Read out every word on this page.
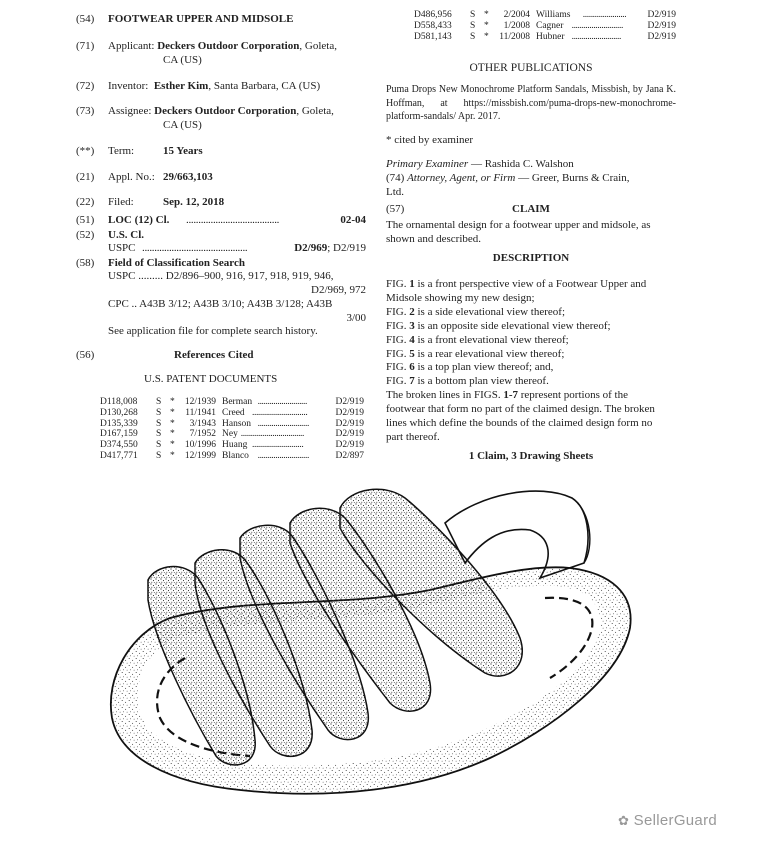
(54) FOOTWEAR UPPER AND MIDSOLE
(71) Applicant: Deckers Outdoor Corporation, Goleta,
CA (US)
(72) Inventor: Esther Kim, Santa Barbara, CA (US)
(73) Assignee: Deckers Outdoor Corporation, Goleta,
CA (US)
(**) Term:	15 Years
(21) Appl. No.: 29/663,103
(22) Filed:	Sep. 12, 2018
(51) LOC (12) Cl. ......................................	02-04
(52) U.S. Cl.
USPC ...........................................	D2/969; D2/919
(58) Field of Classification Search
USPC ......... D2/896–900, 916, 917, 918, 919, 946,
D2/969, 972
CPC .. A43B 3/12; A43B 3/10; A43B 3/128; A43B
3/00
See application file for complete search history.
(56)	References Cited
U.S. PATENT DOCUMENTS
D118,008 S *	12/1939 Berman .........................	D2/919
D130,268 S *	11/1941 Creed ............................	D2/919
D135,339 S *	3/1943 Hanson ..........................	D2/919
D167,159 S *	7/1952 Ney ................................	D2/919
D374,550 S *	10/1996 Huang ..........................	D2/919
D417,771 S *	12/1999 Blanco ..........................	D2/897
D486,956 S *	2/2004 Williams ...................... D2/919
D558,433 S *	1/2008 Cagner ..........................	D2/919
D581,143 S *	11/2008 Hubner .........................	D2/919
OTHER PUBLICATIONS
Puma Drops New Monochrome Platform Sandals, Missbish, by Jana K. Hoffman, at https://missbish.com/puma-drops-new-monochrome-platform-sandals/ Apr. 2017.
* cited by examiner
Primary Examiner — Rashida C. Walshon
(74) Attorney, Agent, or Firm — Greer, Burns & Crain,
Ltd.
(57)	CLAIM
The ornamental design for a footwear upper and midsole, as shown and described.
DESCRIPTION
FIG. 1 is a front perspective view of a Footwear Upper and
Midsole showing my new design;
FIG. 2 is a side elevational view thereof;
FIG. 3 is an opposite side elevational view thereof;
FIG. 4 is a front elevational view thereof;
FIG. 5 is a rear elevational view thereof;
FIG. 6 is a top plan view thereof; and,
FIG. 7 is a bottom plan view thereof.
The broken lines in FIGS. 1-7 represent portions of the
footwear that form no part of the claimed design. The broken
lines which define the bounds of the claimed design form no
part thereof.
1 Claim, 3 Drawing Sheets
✿ SellerGuard
